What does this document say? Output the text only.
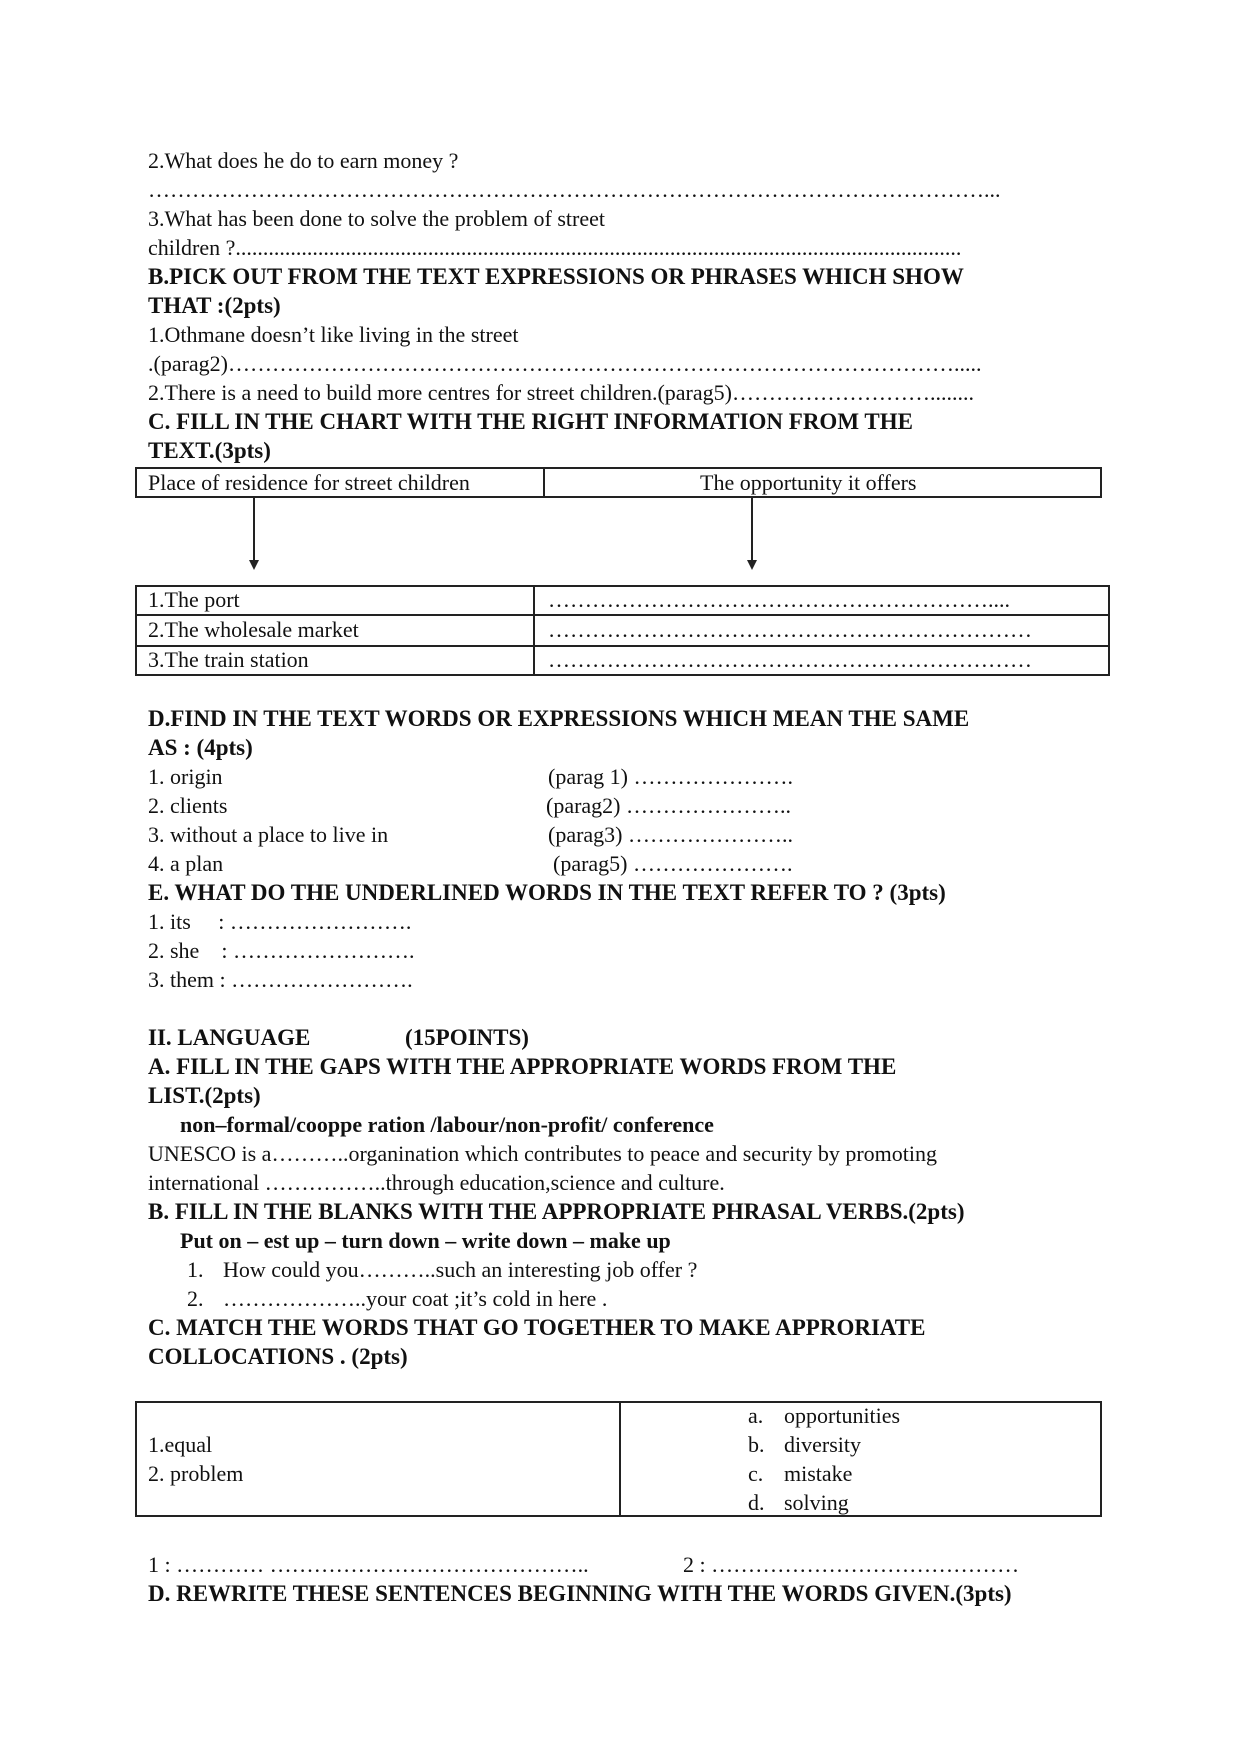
2.What does he do to earn money ?
……………………………………………………………………………………………………...
3.What has been done to solve the problem of street
children ?....................................................................................................................................
B.PICK OUT FROM THE TEXT EXPRESSIONS OR PHRASES WHICH SHOW
THAT :(2pts)
1.Othmane doesn’t like living in the street
.(parag2)……………………………………………………………………………………….....
2.There is a need to build more centres for street children.(parag5)………………………........
C. FILL IN THE CHART WITH THE RIGHT INFORMATION FROM THE
TEXT.(3pts)
Place of residence for street children	The opportunity it offers
1.The port	……………………………………………………....
2.The wholesale market	…………………………………………………………
3.The train station	…………………………………………………………
D.FIND IN THE TEXT WORDS OR EXPRESSIONS WHICH MEAN THE SAME
AS : (4pts)
1. origin	(parag 1) ………………….
2. clients	(parag2) …………………..
3. without a place to live in	(parag3) …………………..
4. a plan	(parag5) ………………….
E. WHAT DO THE UNDERLINED WORDS IN THE TEXT REFER TO ? (3pts)
1. its     : …………………….
2. she    : …………………….
3. them : …………………….
II. LANGUAGE	(15POINTS)
A. FILL IN THE GAPS WITH THE APPROPRIATE WORDS FROM THE
LIST.(2pts)
non–formal/cooppe ration /labour/non-profit/ conference
UNESCO is a………..organination which contributes to peace and security by promoting
international ……………..through education,science and culture.
B. FILL IN THE BLANKS WITH THE APPROPRIATE PHRASAL VERBS.(2pts)
Put on – est up – turn down – write down – make up
1. How could you………..such an interesting job offer ?
2. ………………..your coat ;it’s cold in here .
C. MATCH THE WORDS THAT GO TOGETHER TO MAKE APPRORIATE
COLLOCATIONS . (2pts)
1.equal
2. problem
a. opportunities
b. diversity
c. mistake
d. solving
1 : ………… ……………………………………..	2 : ……………………………………
D. REWRITE THESE SENTENCES BEGINNING WITH THE WORDS GIVEN.(3pts)
